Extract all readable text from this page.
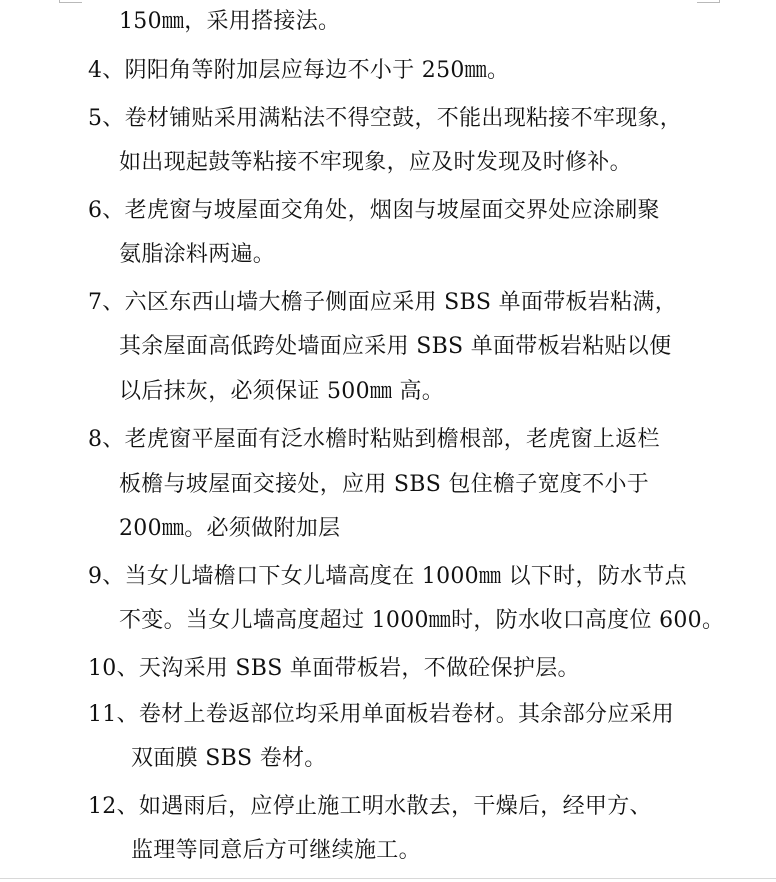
150㎜，采用搭接法。
4、阴阳角等附加层应每边不小于 250㎜。
5、卷材铺贴采用满粘法不得空鼓，不能出现粘接不牢现象，
如出现起鼓等粘接不牢现象，应及时发现及时修补。
6、老虎窗与坡屋面交角处，烟囱与坡屋面交界处应涂刷聚
氨脂涂料两遍。
7、六区东西山墙大檐子侧面应采用 SBS 单面带板岩粘满，
其余屋面高低跨处墙面应采用 SBS 单面带板岩粘贴以便
以后抹灰，必须保证 500㎜ 高。
8、老虎窗平屋面有泛水檐时粘贴到檐根部，老虎窗上返栏
板檐与坡屋面交接处，应用 SBS 包住檐子宽度不小于
200㎜。必须做附加层
9、当女儿墙檐口下女儿墙高度在 1000㎜ 以下时，防水节点
不变。当女儿墙高度超过 1000㎜时，防水收口高度位 600。
10、天沟采用 SBS 单面带板岩，不做砼保护层。
11、卷材上卷返部位均采用单面板岩卷材。其余部分应采用
双面膜 SBS 卷材。
12、如遇雨后，应停止施工明水散去，干燥后，经甲方、
监理等同意后方可继续施工。
